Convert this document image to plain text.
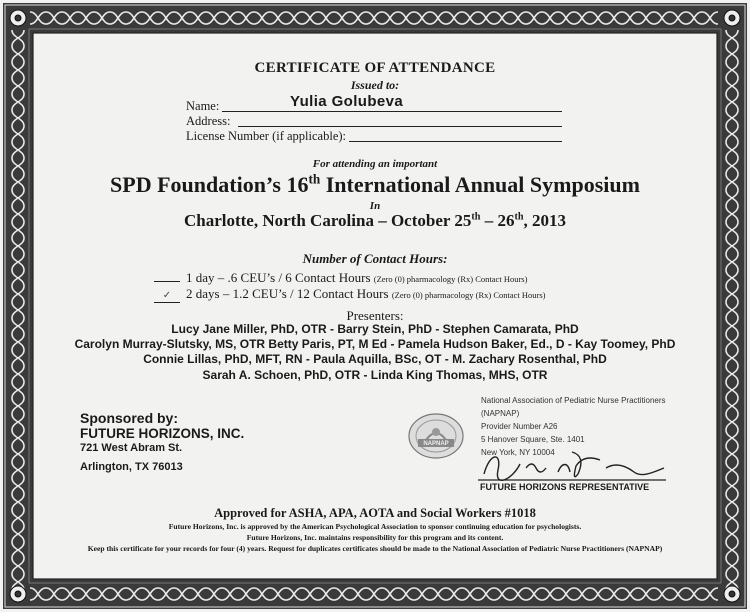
CERTIFICATE OF ATTENDANCE
Issued to:
Name:	Yulia Golubeva
Address:
License Number (if applicable):
For attending an important
SPD Foundation’s 16th International Annual Symposium
In
Charlotte, North Carolina – October 25th – 26th, 2013
Number of Contact Hours:
1 day – .6 CEU’s / 6 Contact Hours (Zero (0) pharmacology (Rx) Contact Hours)
✓ 2 days – 1.2 CEU’s / 12 Contact Hours (Zero (0) pharmacology (Rx) Contact Hours)
Presenters:
Lucy Jane Miller, PhD, OTR - Barry Stein, PhD - Stephen Camarata, PhD
Carolyn Murray-Slutsky, MS, OTR Betty Paris, PT, M Ed - Pamela Hudson Baker, Ed., D - Kay Toomey, PhD
Connie Lillas, PhD, MFT, RN - Paula Aquilla, BSc, OT - M. Zachary Rosenthal, PhD
Sarah A. Schoen, PhD, OTR - Linda King Thomas, MHS, OTR
Sponsored by:
FUTURE HORIZONS, INC.
721 West Abram St.
Arlington, TX 76013
NAPNAP
National Association of Pediatric Nurse Practitioners
(NAPNAP)
Provider Number A26
5 Hanover Square, Ste. 1401
New York, NY 10004
FUTURE HORIZONS REPRESENTATIVE
Approved for ASHA, APA, AOTA and Social Workers #1018
Future Horizons, Inc. is approved by the American Psychological Association to sponsor continuing education for psychologists.
Future Horizons, Inc. maintains responsibility for this program and its content.
Keep this certificate for your records for four (4) years. Request for duplicates certificates should be made to the National Association of Pediatric Nurse Practitioners (NAPNAP)
